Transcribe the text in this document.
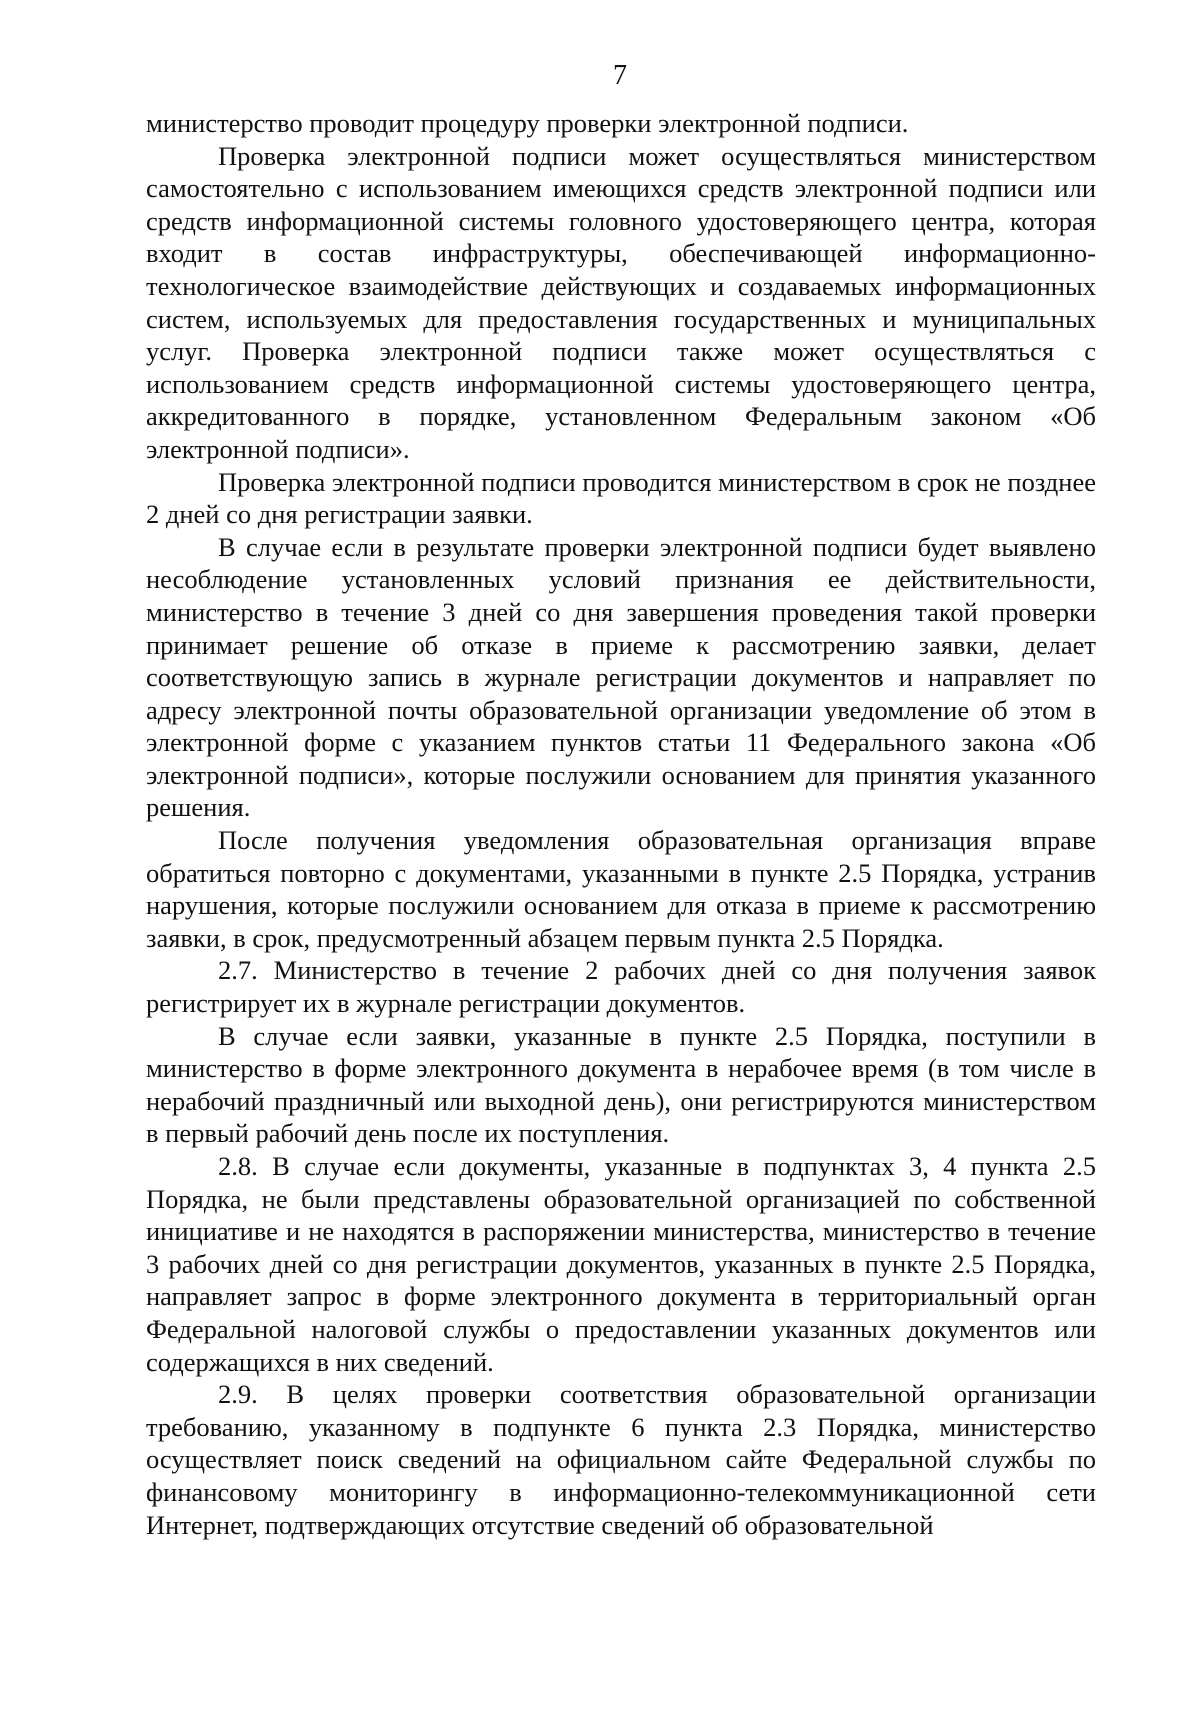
7

министерство проводит процедуру проверки электронной подписи.

Проверка электронной подписи может осуществляться министерством самостоятельно с использованием имеющихся средств электронной подписи или средств информационной системы головного удостоверяющего центра, которая входит в состав инфраструктуры, обеспечивающей информационно-технологическое взаимодействие действующих и создаваемых информационных систем, используемых для предоставления государственных и муниципальных услуг. Проверка электронной подписи также может осуществляться с использованием средств информационной системы удостоверяющего центра, аккредитованного в порядке, установленном Федеральным законом «Об электронной подписи».

Проверка электронной подписи проводится министерством в срок не позднее 2 дней со дня регистрации заявки.

В случае если в результате проверки электронной подписи будет выявлено несоблюдение установленных условий признания ее действительности, министерство в течение 3 дней со дня завершения проведения такой проверки принимает решение об отказе в приеме к рассмотрению заявки, делает соответствующую запись в журнале регистрации документов и направляет по адресу электронной почты образовательной организации уведомление об этом в электронной форме с указанием пунктов статьи 11 Федерального закона «Об электронной подписи», которые послужили основанием для принятия указанного решения.

После получения уведомления образовательная организация вправе обратиться повторно с документами, указанными в пункте 2.5 Порядка, устранив нарушения, которые послужили основанием для отказа в приеме к рассмотрению заявки, в срок, предусмотренный абзацем первым пункта 2.5 Порядка.

2.7. Министерство в течение 2 рабочих дней со дня получения заявок регистрирует их в журнале регистрации документов.

В случае если заявки, указанные в пункте 2.5 Порядка, поступили в министерство в форме электронного документа в нерабочее время (в том числе в нерабочий праздничный или выходной день), они регистрируются министерством в первый рабочий день после их поступления.

2.8. В случае если документы, указанные в подпунктах 3, 4 пункта 2.5 Порядка, не были представлены образовательной организацией по собственной инициативе и не находятся в распоряжении министерства, министерство в течение 3 рабочих дней со дня регистрации документов, указанных в пункте 2.5 Порядка, направляет запрос в форме электронного документа в территориальный орган Федеральной налоговой службы о предоставлении указанных документов или содержащихся в них сведений.

2.9. В целях проверки соответствия образовательной организации требованию, указанному в подпункте 6 пункта 2.3 Порядка, министерство осуществляет поиск сведений на официальном сайте Федеральной службы по финансовому мониторингу в информационно-телекоммуникационной сети Интернет, подтверждающих отсутствие сведений об образовательной
